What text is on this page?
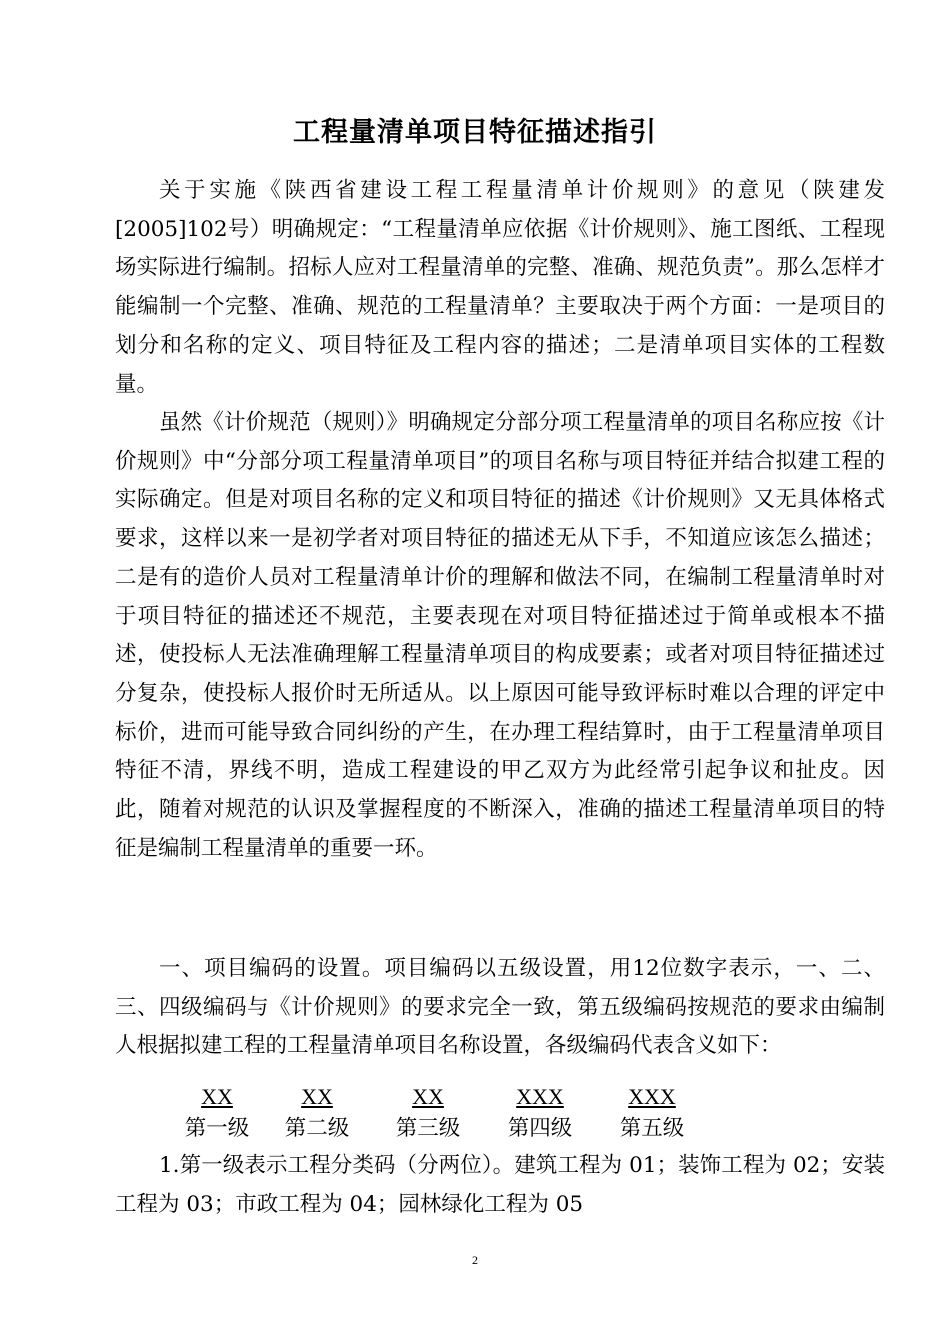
工程量清单项目特征描述指引

关于实施《陕西省建设工程工程量清单计价规则》的意见（陕建发[2005]102号）明确规定：“工程量清单应依据《计价规则》、施工图纸、工程现场实际进行编制。招标人应对工程量清单的完整、准确、规范负责”。那么怎样才能编制一个完整、准确、规范的工程量清单？主要取决于两个方面：一是项目的划分和名称的定义、项目特征及工程内容的描述；二是清单项目实体的工程数量。

虽然《计价规范（规则）》明确规定分部分项工程量清单的项目名称应按《计价规则》中“分部分项工程量清单项目”的项目名称与项目特征并结合拟建工程的实际确定。但是对项目名称的定义和项目特征的描述《计价规则》又无具体格式要求，这样以来一是初学者对项目特征的描述无从下手，不知道应该怎么描述；二是有的造价人员对工程量清单计价的理解和做法不同，在编制工程量清单时对于项目特征的描述还不规范，主要表现在对项目特征描述过于简单或根本不描述，使投标人无法准确理解工程量清单项目的构成要素；或者对项目特征描述过分复杂，使投标人报价时无所适从。以上原因可能导致评标时难以合理的评定中标价，进而可能导致合同纠纷的产生，在办理工程结算时，由于工程量清单项目特征不清，界线不明，造成工程建设的甲乙双方为此经常引起争议和扯皮。因此，随着对规范的认识及掌握程度的不断深入，准确的描述工程量清单项目的特征是编制工程量清单的重要一环。

一、项目编码的设置。项目编码以五级设置，用12位数字表示，一、二、三、四级编码与《计价规则》的要求完全一致，第五级编码按规范的要求由编制人根据拟建工程的工程量清单项目名称设置，各级编码代表含义如下：

XX
第一级
XX
第二级
XX
第三级
XXX
第四级
XXX
第五级

1.第一级表示工程分类码（分两位）。建筑工程为 01；装饰工程为 02；安装工程为 03；市政工程为 04；园林绿化工程为 05

2
